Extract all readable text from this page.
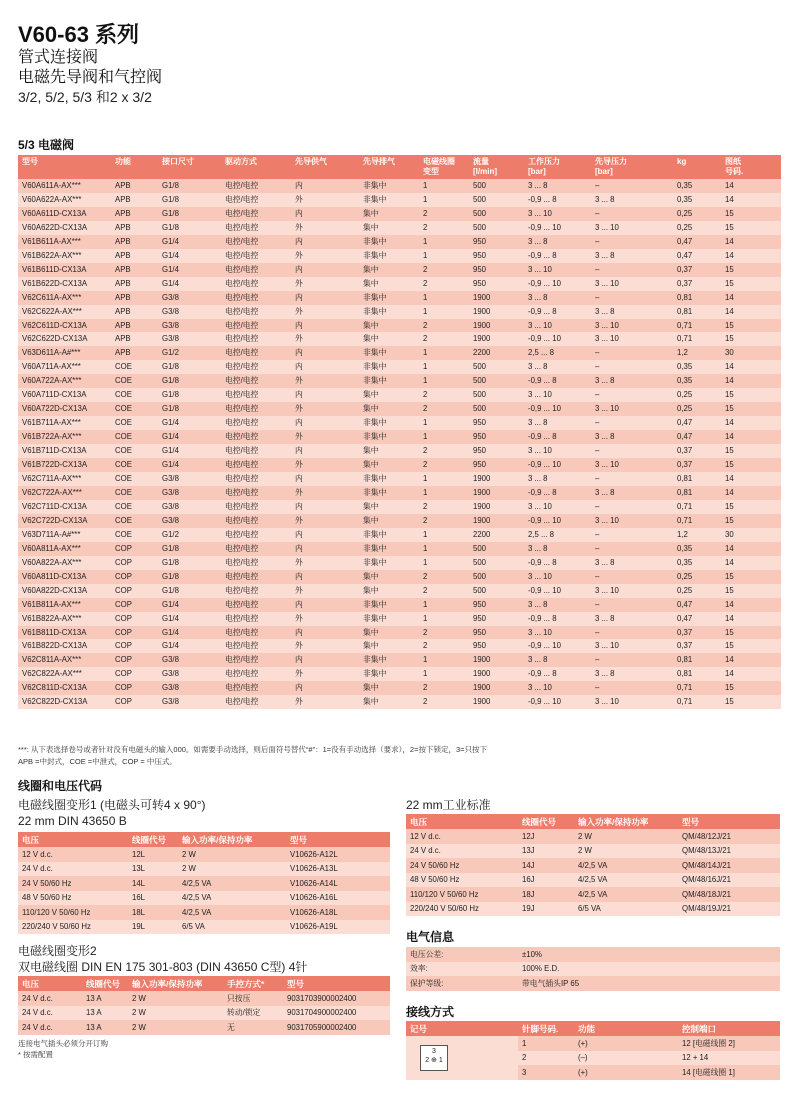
V60-63 系列
管式连接阀
电磁先导阀和气控阀
3/2, 5/2, 5/3 和2 x 3/2
5/3 电磁阀
型号	功能	接口尺寸	驱动方式	先导供气	先导排气	电磁线圈
变型	流量
[l/min]	工作压力
[bar]	先导压力
[bar]	kg	图纸
号码.
V60A611A-AX***	APB	G1/8	电控/电控	内	非集中	1	500	3 ... 8	–	0,35	14
V60A622A-AX***	APB	G1/8	电控/电控	外	非集中	1	500	-0,9 ... 8	3 ... 8	0,35	14
V60A611D-CX13A	APB	G1/8	电控/电控	内	集中	2	500	3 ... 10	–	0,25	15
V60A622D-CX13A	APB	G1/8	电控/电控	外	集中	2	500	-0,9 ... 10	3 ... 10	0,25	15
V61B611A-AX***	APB	G1/4	电控/电控	内	非集中	1	950	3 ... 8	–	0,47	14
V61B622A-AX***	APB	G1/4	电控/电控	外	非集中	1	950	-0,9 ... 8	3 ... 8	0,47	14
V61B611D-CX13A	APB	G1/4	电控/电控	内	集中	2	950	3 ... 10	–	0,37	15
V61B622D-CX13A	APB	G1/4	电控/电控	外	集中	2	950	-0,9 ... 10	3 ... 10	0,37	15
V62C611A-AX***	APB	G3/8	电控/电控	内	非集中	1	1900	3 ... 8	–	0,81	14
V62C622A-AX***	APB	G3/8	电控/电控	外	非集中	1	1900	-0,9 ... 8	3 ... 8	0,81	14
V62C611D-CX13A	APB	G3/8	电控/电控	内	集中	2	1900	3 ... 10	3 ... 10	0,71	15
V62C622D-CX13A	APB	G3/8	电控/电控	外	集中	2	1900	-0,9 ... 10	3 ... 10	0,71	15
V63D611A-A#***	APB	G1/2	电控/电控	内	非集中	1	2200	2,5 ... 8	–	1,2	30
V60A711A-AX***	COE	G1/8	电控/电控	内	非集中	1	500	3 ... 8	–	0,35	14
V60A722A-AX***	COE	G1/8	电控/电控	外	非集中	1	500	-0,9 ... 8	3 ... 8	0,35	14
V60A711D-CX13A	COE	G1/8	电控/电控	内	集中	2	500	3 ... 10	–	0,25	15
V60A722D-CX13A	COE	G1/8	电控/电控	外	集中	2	500	-0,9 ... 10	3 ... 10	0,25	15
V61B711A-AX***	COE	G1/4	电控/电控	内	非集中	1	950	3 ... 8	–	0,47	14
V61B722A-AX***	COE	G1/4	电控/电控	外	非集中	1	950	-0,9 ... 8	3 ... 8	0,47	14
V61B711D-CX13A	COE	G1/4	电控/电控	内	集中	2	950	3 ... 10	–	0,37	15
V61B722D-CX13A	COE	G1/4	电控/电控	外	集中	2	950	-0,9 ... 10	3 ... 10	0,37	15
V62C711A-AX***	COE	G3/8	电控/电控	内	非集中	1	1900	3 ... 8	–	0,81	14
V62C722A-AX***	COE	G3/8	电控/电控	外	非集中	1	1900	-0,9 ... 8	3 ... 8	0,81	14
V62C711D-CX13A	COE	G3/8	电控/电控	内	集中	2	1900	3 ... 10	–	0,71	15
V62C722D-CX13A	COE	G3/8	电控/电控	外	集中	2	1900	-0,9 ... 10	3 ... 10	0,71	15
V63D711A-A#***	COE	G1/2	电控/电控	内	非集中	1	2200	2,5 ... 8	–	1,2	30
V60A811A-AX***	COP	G1/8	电控/电控	内	非集中	1	500	3 ... 8	–	0,35	14
V60A822A-AX***	COP	G1/8	电控/电控	外	非集中	1	500	-0,9 ... 8	3 ... 8	0,35	14
V60A811D-CX13A	COP	G1/8	电控/电控	内	集中	2	500	3 ... 10	–	0,25	15
V60A822D-CX13A	COP	G1/8	电控/电控	外	集中	2	500	-0,9 ... 10	3 ... 10	0,25	15
V61B811A-AX***	COP	G1/4	电控/电控	内	非集中	1	950	3 ... 8	–	0,47	14
V61B822A-AX***	COP	G1/4	电控/电控	外	非集中	1	950	-0,9 ... 8	3 ... 8	0,47	14
V61B811D-CX13A	COP	G1/4	电控/电控	内	集中	2	950	3 ... 10	–	0,37	15
V61B822D-CX13A	COP	G1/4	电控/电控	外	集中	2	950	-0,9 ... 10	3 ... 10	0,37	15
V62C811A-AX***	COP	G3/8	电控/电控	内	非集中	1	1900	3 ... 8	–	0,81	14
V62C822A-AX***	COP	G3/8	电控/电控	外	非集中	1	1900	-0,9 ... 8	3 ... 8	0,81	14
V62C811D-CX13A	COP	G3/8	电控/电控	内	集中	2	1900	3 ... 10	–	0,71	15
V62C822D-CX13A	COP	G3/8	电控/电控	外	集中	2	1900	-0,9 ... 10	3 ... 10	0,71	15
***: 从下表选择卷号或者针对没有电磁头的输入000。如需要手动选择，则后面符号替代“#”：1=没有手动选择（要求），2=按下锁定，3=只按下
APB =中封式，COE =中泄式，COP = 中压式。
线圈和电压代码
电磁线圈变形1 (电磁头可转4 x 90°)
22 mm DIN 43650 B
电压	线圈代号	输入功率/保持功率	型号
12 V d.c.	12L	2 W	V10626-A12L
24 V d.c.	13L	2 W	V10626-A13L
24 V 50/60 Hz	14L	4/2,5 VA	V10626-A14L
48 V 50/60 Hz	16L	4/2,5 VA	V10626-A16L
110/120 V 50/60 Hz	18L	4/2,5 VA	V10626-A18L
220/240 V 50/60 Hz	19L	6/5 VA	V10626-A19L
电磁线圈变形2
双电磁线圈 DIN EN 175 301-803 (DIN 43650 C型) 4针
电压	线圈代号	输入功率/保持功率	手控方式*	型号
24 V d.c.	13 A	2 W	只按压	9031703900002400
24 V d.c.	13 A	2 W	转动/锁定	9031704900002400
24 V d.c.	13 A	2 W	无	9031705900002400
连接电气插头必须分开订购
* 按需配置
22 mm工业标准
电压	线圈代号	输入功率/保持功率	型号
12 V d.c.	12J	2 W	QM/48/12J/21
24 V d.c.	13J	2 W	QM/48/13J/21
24 V 50/60 Hz	14J	4/2,5 VA	QM/48/14J/21
48 V 50/60 Hz	16J	4/2,5 VA	QM/48/16J/21
110/120 V 50/60 Hz	18J	4/2,5 VA	QM/48/18J/21
220/240 V 50/60 Hz	19J	6/5 VA	QM/48/19J/21
电气信息
电压公差:	±10%
效率:	100% E.D.
保护等级:	带电气插头IP 65
接线方式
记号	针脚号码.	功能	控制端口

3
2 ⊕ 1	1	(+)	12 [电磁线圈 2]
	2	(–)	12 + 14
	3	(+)	14 [电磁线圈 1]
